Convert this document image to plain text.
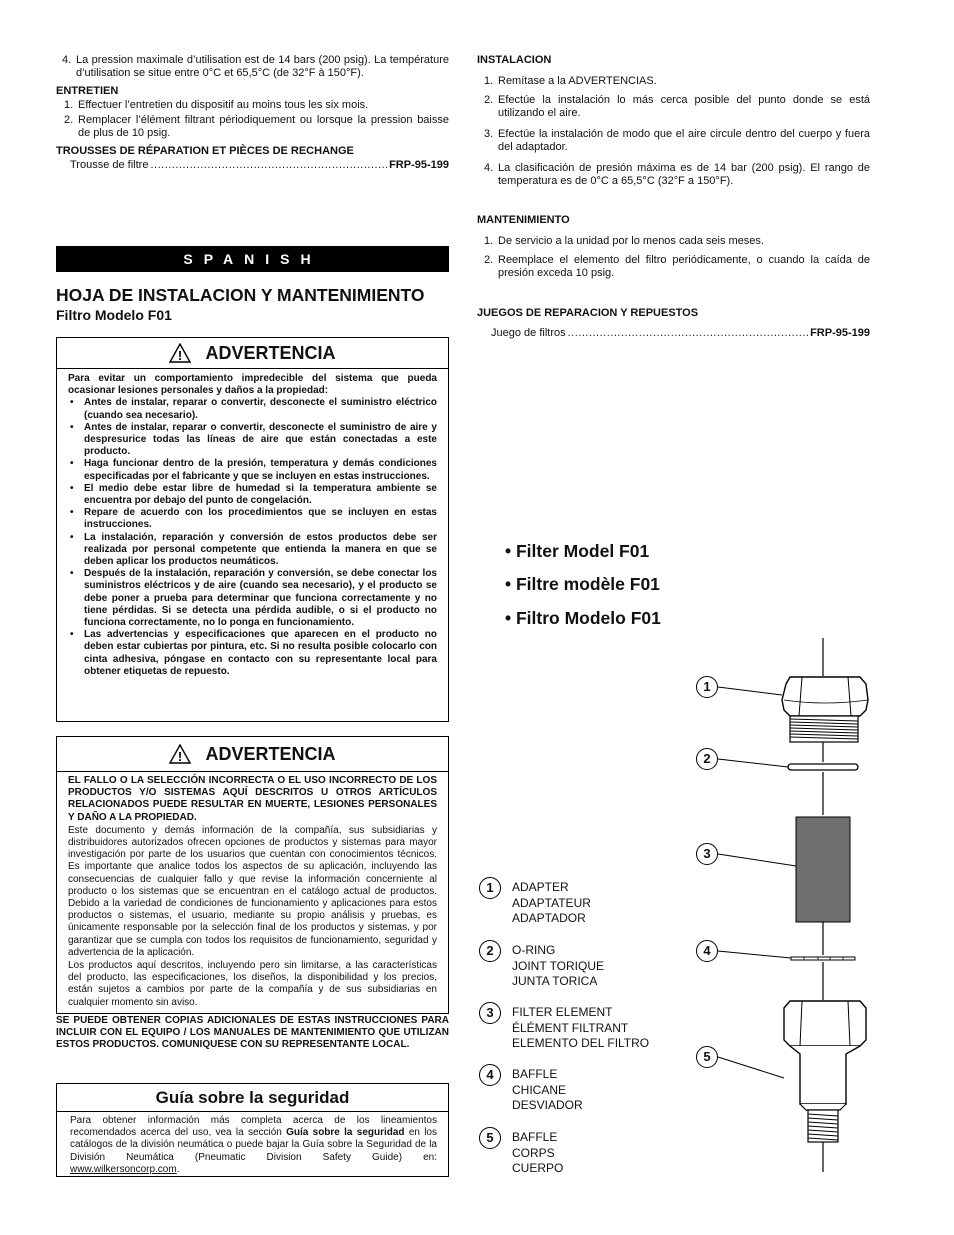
4. La pression maximale d’utilisation est de 14 bars (200 psig). La température d’utilisation se situe entre 0°C et 65,5°C (de 32°F à 150°F).
ENTRETIEN
1. Effectuer l’entretien du dispositif au moins tous les six mois.
2. Remplacer l’élément filtrant périodiquement ou lorsque la pression baisse de plus de 10 psig.
TROUSSES DE RÉPARATION ET PIÈCES DE RECHANGE
Trousse de filtre .....	FRP-95-199
SPANISH
HOJA DE INSTALACION Y MANTENIMIENTO
Filtro Modelo F01
! ADVERTENCIA
Para evitar un comportamiento impredecible del sistema que pueda ocasionar lesiones personales y daños a la propiedad:
• Antes de instalar, reparar o convertir, desconecte el suministro eléctrico (cuando sea necesario).
• Antes de instalar, reparar o convertir, desconecte el suministro de aire y despresurice todas las líneas de aire que están conectadas a este producto.
• Haga funcionar dentro de la presión, temperatura y demás condiciones especificadas por el fabricante y que se incluyen en estas instrucciones.
• El medio debe estar libre de humedad si la temperatura ambiente se encuentra por debajo del punto de congelación.
• Repare de acuerdo con los procedimientos que se incluyen en estas instrucciones.
• La instalación, reparación y conversión de estos productos debe ser realizada por personal competente que entienda la manera en que se deben aplicar los productos neumáticos.
• Después de la instalación, reparación y conversión, se debe conectar los suministros eléctricos y de aire (cuando sea necesario), y el producto se debe poner a prueba para determinar que funciona correctamente y no tiene pérdidas. Si se detecta una pérdida audible, o si el producto no funciona correctamente, no lo ponga en funcionamiento.
• Las advertencias y especificaciones que aparecen en el producto no deben estar cubiertas por pintura, etc. Si no resulta posible colocarlo con cinta adhesiva, póngase en contacto con su representante local para obtener etiquetas de repuesto.
! ADVERTENCIA
EL FALLO O LA SELECCIÓN INCORRECTA O EL USO INCORRECTO DE LOS PRODUCTOS Y/O SISTEMAS AQUÍ DESCRITOS U OTROS ARTÍCULOS RELACIONADOS PUEDE RESULTAR EN MUERTE, LESIONES PERSONALES Y DAÑO A LA PROPIEDAD.
Este documento y demás información de la compañía, sus subsidiarias y distribuidores autorizados ofrecen opciones de productos y sistemas para mayor investigación por parte de los usuarios que cuentan con conocimientos técnicos. Es importante que analice todos los aspectos de su aplicación, incluyendo las consecuencias de cualquier fallo y que revise la información concerniente al producto o los sistemas que se encuentran en el catálogo actual de productos. Debido a la variedad de condiciones de funcionamiento y aplicaciones para estos productos o sistemas, el usuario, mediante su propio análisis y pruebas, es únicamente responsable por la selección final de los productos y sistemas, y por garantizar que se cumpla con todos los requisitos de funcionamiento, seguridad y advertencia de la aplicación.
Los productos aquí descritos, incluyendo pero sin limitarse, a las características del producto, las especificaciones, los diseños, la disponibilidad y los precios, están sujetos a cambios por parte de la compañía y de sus subsidiarias en cualquier momento sin aviso.
SE PUEDE OBTENER COPIAS ADICIONALES DE ESTAS INSTRUCCIONES PARA INCLUIR CON EL EQUIPO / LOS MANUALES DE MANTENIMIENTO QUE UTILIZAN ESTOS PRODUCTOS. COMUNIQUESE CON SU REPRESENTANTE LOCAL.
Guía sobre la seguridad
Para obtener información más completa acerca de los lineamientos recomendados acerca del uso, vea la sección Guía sobre la seguridad en los catálogos de la división neumática o puede bajar la Guía sobre la Seguridad de la División Neumática (Pneumatic Division Safety Guide) en: www.wilkersoncorp.com.
INSTALACION
1. Remítase a la ADVERTENCIAS.
2. Efectúe la instalación lo más cerca posible del punto donde se está utilizando el aire.
3. Efectúe la instalación de modo que el aire circule dentro del cuerpo y fuera del adaptador.
4. La clasificación de presión máxima es de 14 bar (200 psig). El rango de temperatura es de 0°C a 65,5°C (32°F a 150°F).
MANTENIMIENTO
1. De servicio a la unidad por lo menos cada seis meses.
2. Reemplace el elemento del filtro periódicamente, o cuando la caída de presión exceda 10 psig.
JUEGOS DE REPARACION Y REPUESTOS
Juego de filtros .....	FRP-95-199
• Filter Model F01
• Filtre modèle F01
• Filtro Modelo F01
1
2
3
4
5
1	ADAPTER
ADAPTATEUR
ADAPTADOR
2	O-RING
JOINT TORIQUE
JUNTA TORICA
3	FILTER ELEMENT
ÉLÉMENT FILTRANT
ELEMENTO DEL FILTRO
4	BAFFLE
CHICANE
DESVIADOR
5	BAFFLE
CORPS
CUERPO
